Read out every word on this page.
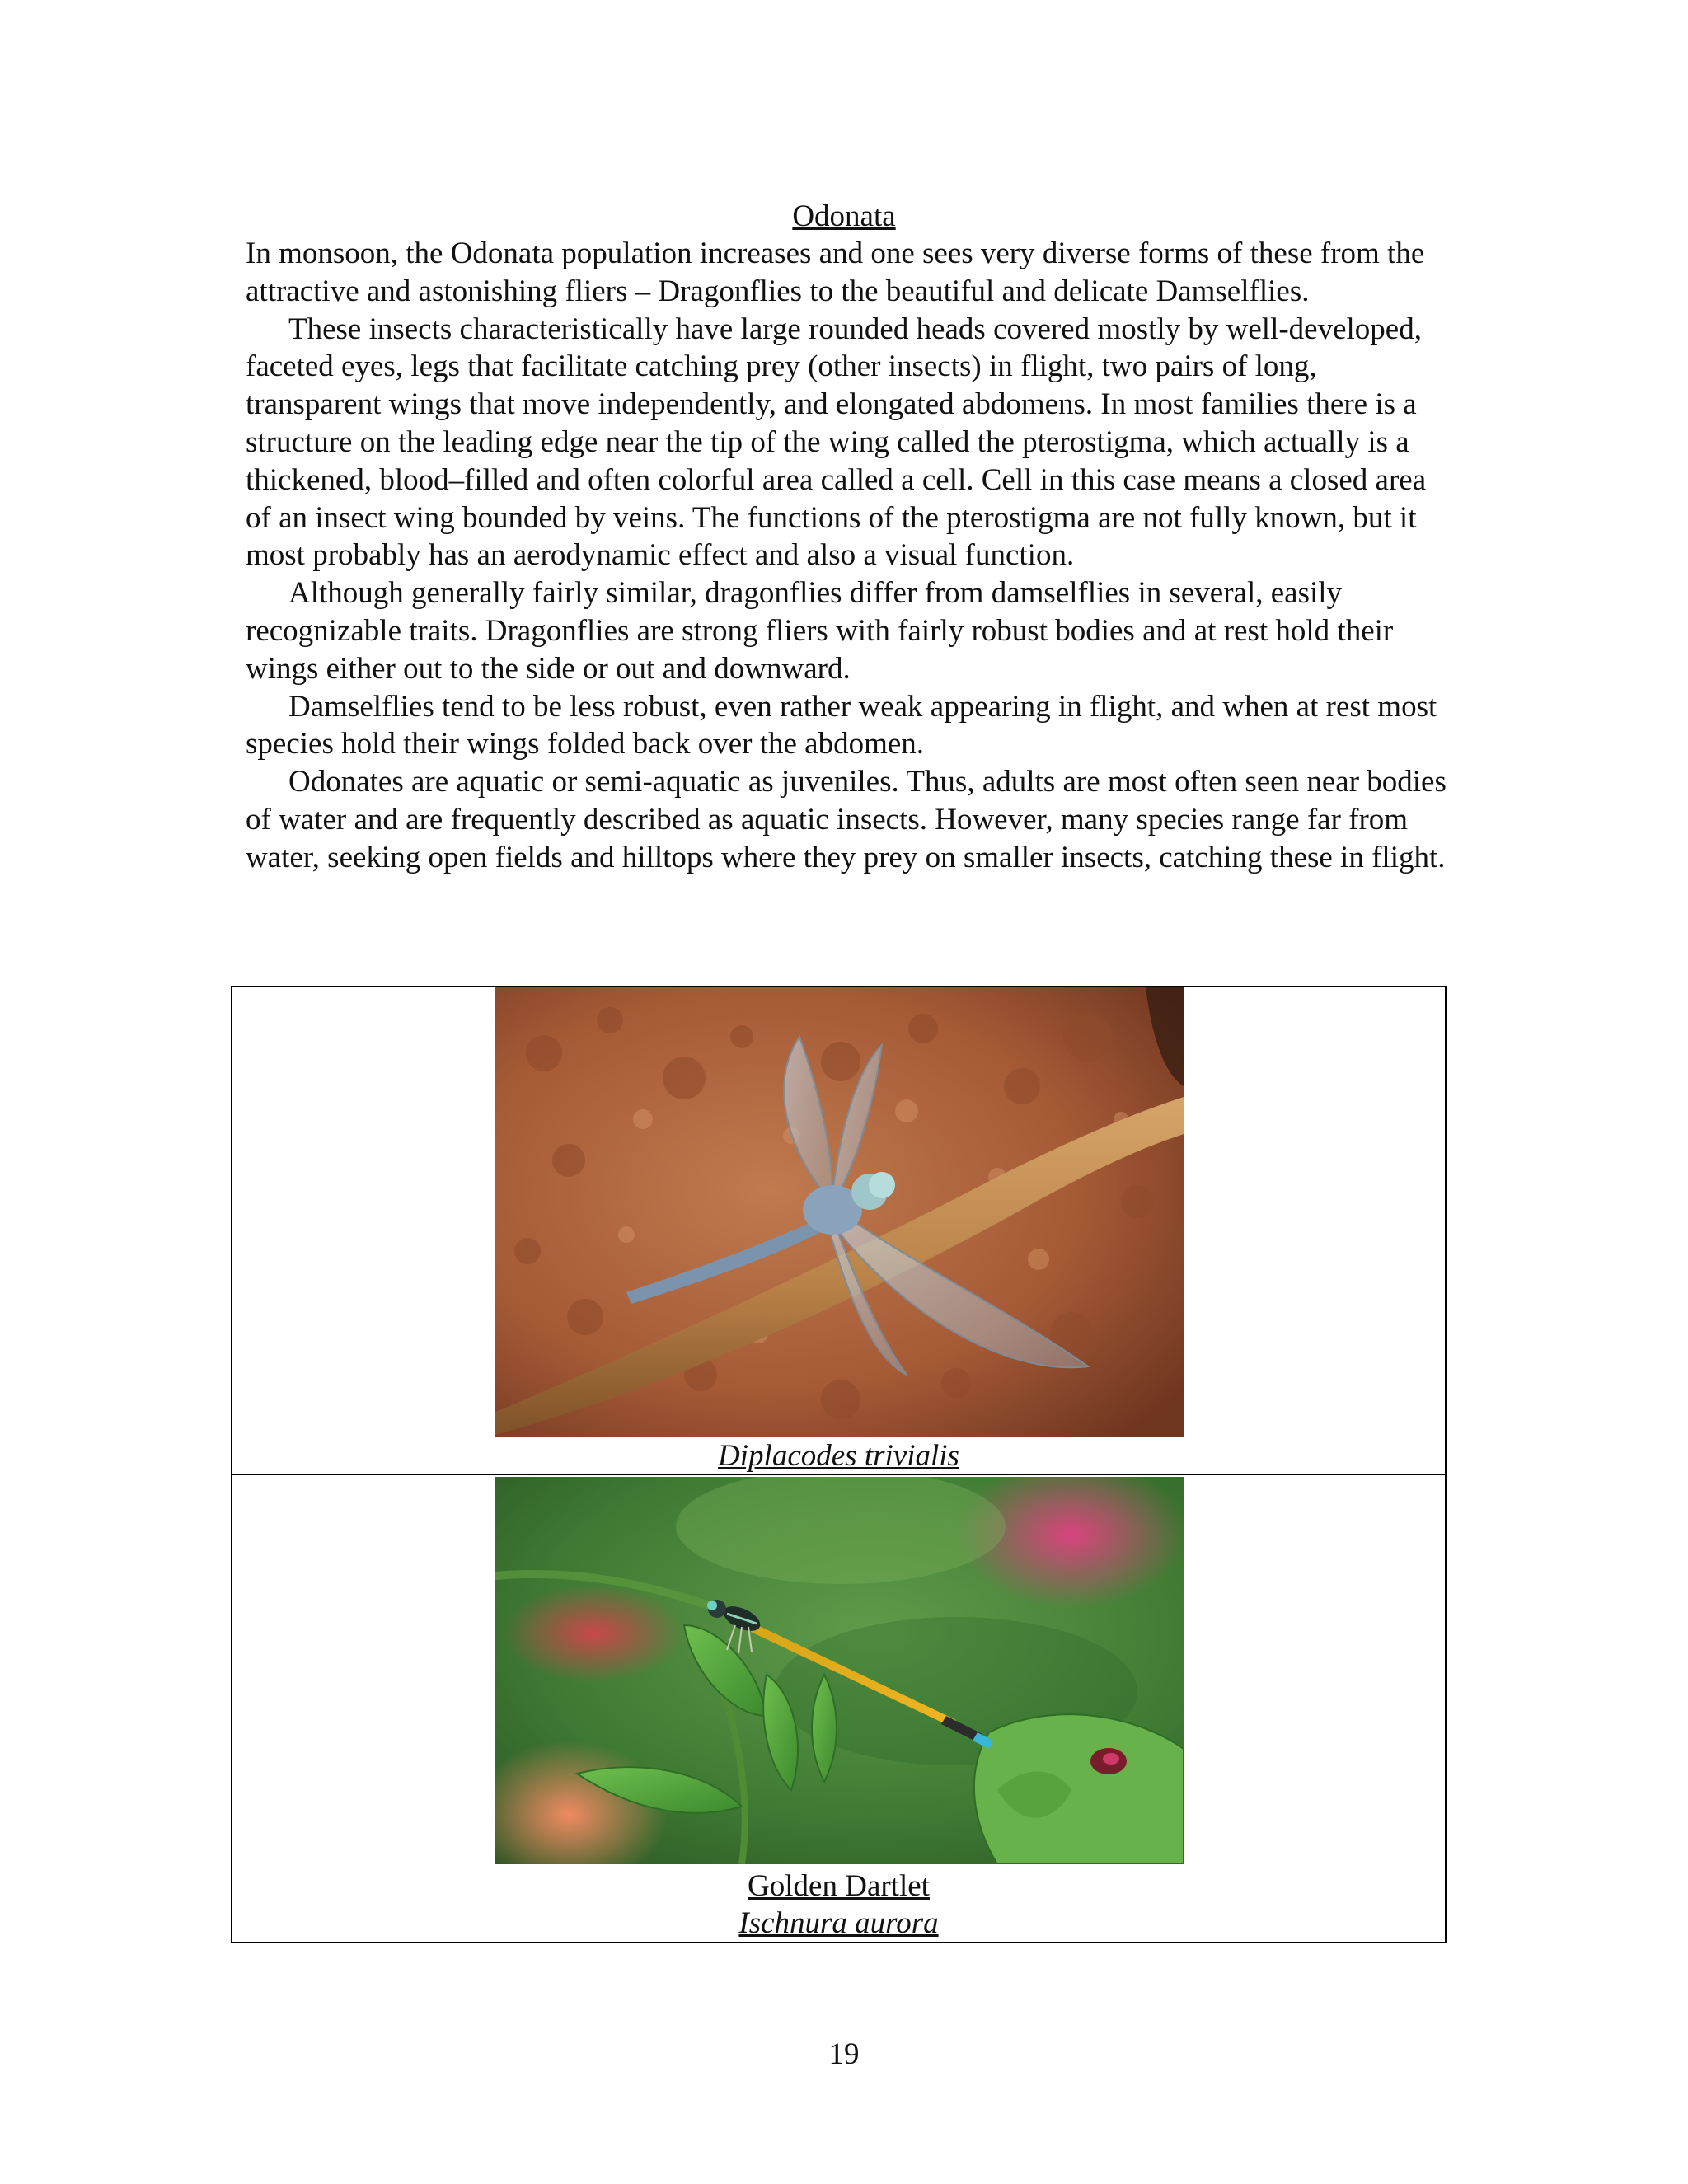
Odonata

In monsoon, the Odonata population increases and one sees very diverse forms of these from the attractive and astonishing fliers – Dragonflies to the beautiful and delicate Damselflies.

These insects characteristically have large rounded heads covered mostly by well-developed, faceted eyes, legs that facilitate catching prey (other insects) in flight, two pairs of long, transparent wings that move independently, and elongated abdomens. In most families there is a structure on the leading edge near the tip of the wing called the pterostigma, which actually is a thickened, blood–filled and often colorful area called a cell. Cell in this case means a closed area of an insect wing bounded by veins. The functions of the pterostigma are not fully known, but it most probably has an aerodynamic effect and also a visual function.

Although generally fairly similar, dragonflies differ from damselflies in several, easily recognizable traits. Dragonflies are strong fliers with fairly robust bodies and at rest hold their wings either out to the side or out and downward.

Damselflies tend to be less robust, even rather weak appearing in flight, and when at rest most species hold their wings folded back over the abdomen.

Odonates are aquatic or semi-aquatic as juveniles. Thus, adults are most often seen near bodies of water and are frequently described as aquatic insects. However, many species range far from water, seeking open fields and hilltops where they prey on smaller insects, catching these in flight.

Diplacodes trivialis
Golden Dartlet
Ischnura aurora
19
